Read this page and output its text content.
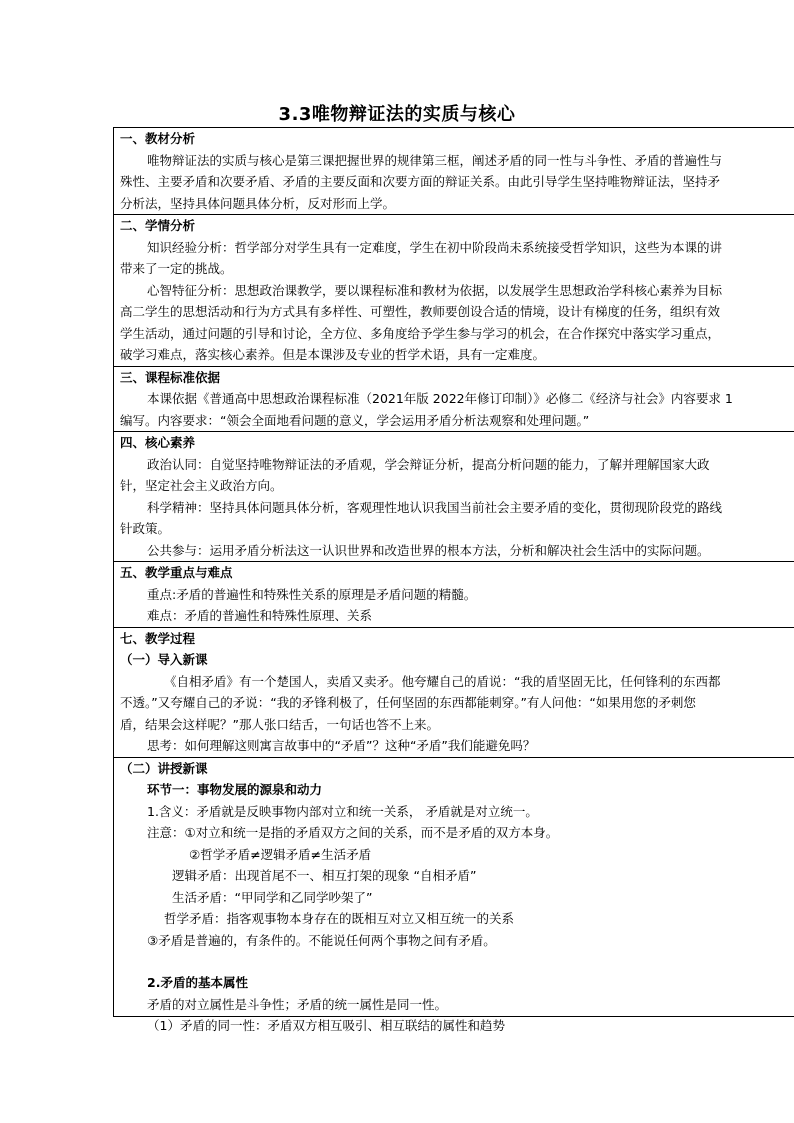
3.3唯物辩证法的实质与核心
一、教材分析
唯物辩证法的实质与核心是第三课把握世界的规律第三框，阐述矛盾的同一性与斗争性、矛盾的普遍性与
殊性、主要矛盾和次要矛盾、矛盾的主要反面和次要方面的辩证关系。由此引导学生坚持唯物辩证法，坚持矛
分析法，坚持具体问题具体分析，反对形而上学。
二、学情分析
知识经验分析：哲学部分对学生具有一定难度，学生在初中阶段尚未系统接受哲学知识，这些为本课的讲
带来了一定的挑战。
心智特征分析：思想政治课教学，要以课程标准和教材为依据，以发展学生思想政治学科核心素养为目标
高二学生的思想活动和行为方式具有多样性、可塑性，教师要创设合适的情境，设计有梯度的任务，组织有效
学生活动，通过问题的引导和讨论，全方位、多角度给予学生参与学习的机会，在合作探究中落实学习重点，
破学习难点，落实核心素养。但是本课涉及专业的哲学术语，具有一定难度。
三、课程标准依据
本课依据《普通高中思想政治课程标准（2021年版 2022年修订印制）》必修二《经济与社会》内容要求 1
编写。内容要求：“领会全面地看问题的意义，学会运用矛盾分析法观察和处理问题。”
四、核心素养
政治认同：自觉坚持唯物辩证法的矛盾观，学会辩证分析，提高分析问题的能力，了解并理解国家大政
针，坚定社会主义政治方向。
科学精神：坚持具体问题具体分析，客观理性地认识我国当前社会主要矛盾的变化，贯彻现阶段党的路线
针政策。
公共参与：运用矛盾分析法这一认识世界和改造世界的根本方法，分析和解决社会生活中的实际问题。
五、教学重点与难点
重点:矛盾的普遍性和特殊性关系的原理是矛盾问题的精髓。
难点：矛盾的普遍性和特殊性原理、关系
七、教学过程
（一）导入新课
《自相矛盾》有一个楚国人，卖盾又卖矛。他夸耀自己的盾说：“我的盾坚固无比，任何锋利的东西都
不透。”又夸耀自己的矛说：“我的矛锋利极了，任何坚固的东西都能刺穿。”有人问他：“如果用您的矛刺您
盾，结果会这样呢？”那人张口结舌，一句话也答不上来。
思考：如何理解这则寓言故事中的“矛盾”？这种“矛盾”我们能避免吗？
（二）讲授新课
环节一：事物发展的源泉和动力
1.含义：矛盾就是反映事物内部对立和统一关系， 矛盾就是对立统一。
注意：①对立和统一是指的矛盾双方之间的关系，而不是矛盾的双方本身。
②哲学矛盾≠逻辑矛盾≠生活矛盾
逻辑矛盾：出现首尾不一、相互打架的现象 “自相矛盾”
生活矛盾：“甲同学和乙同学吵架了”
哲学矛盾：指客观事物本身存在的既相互对立又相互统一的关系
③矛盾是普遍的，有条件的。不能说任何两个事物之间有矛盾。
2.矛盾的基本属性
矛盾的对立属性是斗争性；矛盾的统一属性是同一性。
（1）矛盾的同一性：矛盾双方相互吸引、相互联结的属性和趋势
